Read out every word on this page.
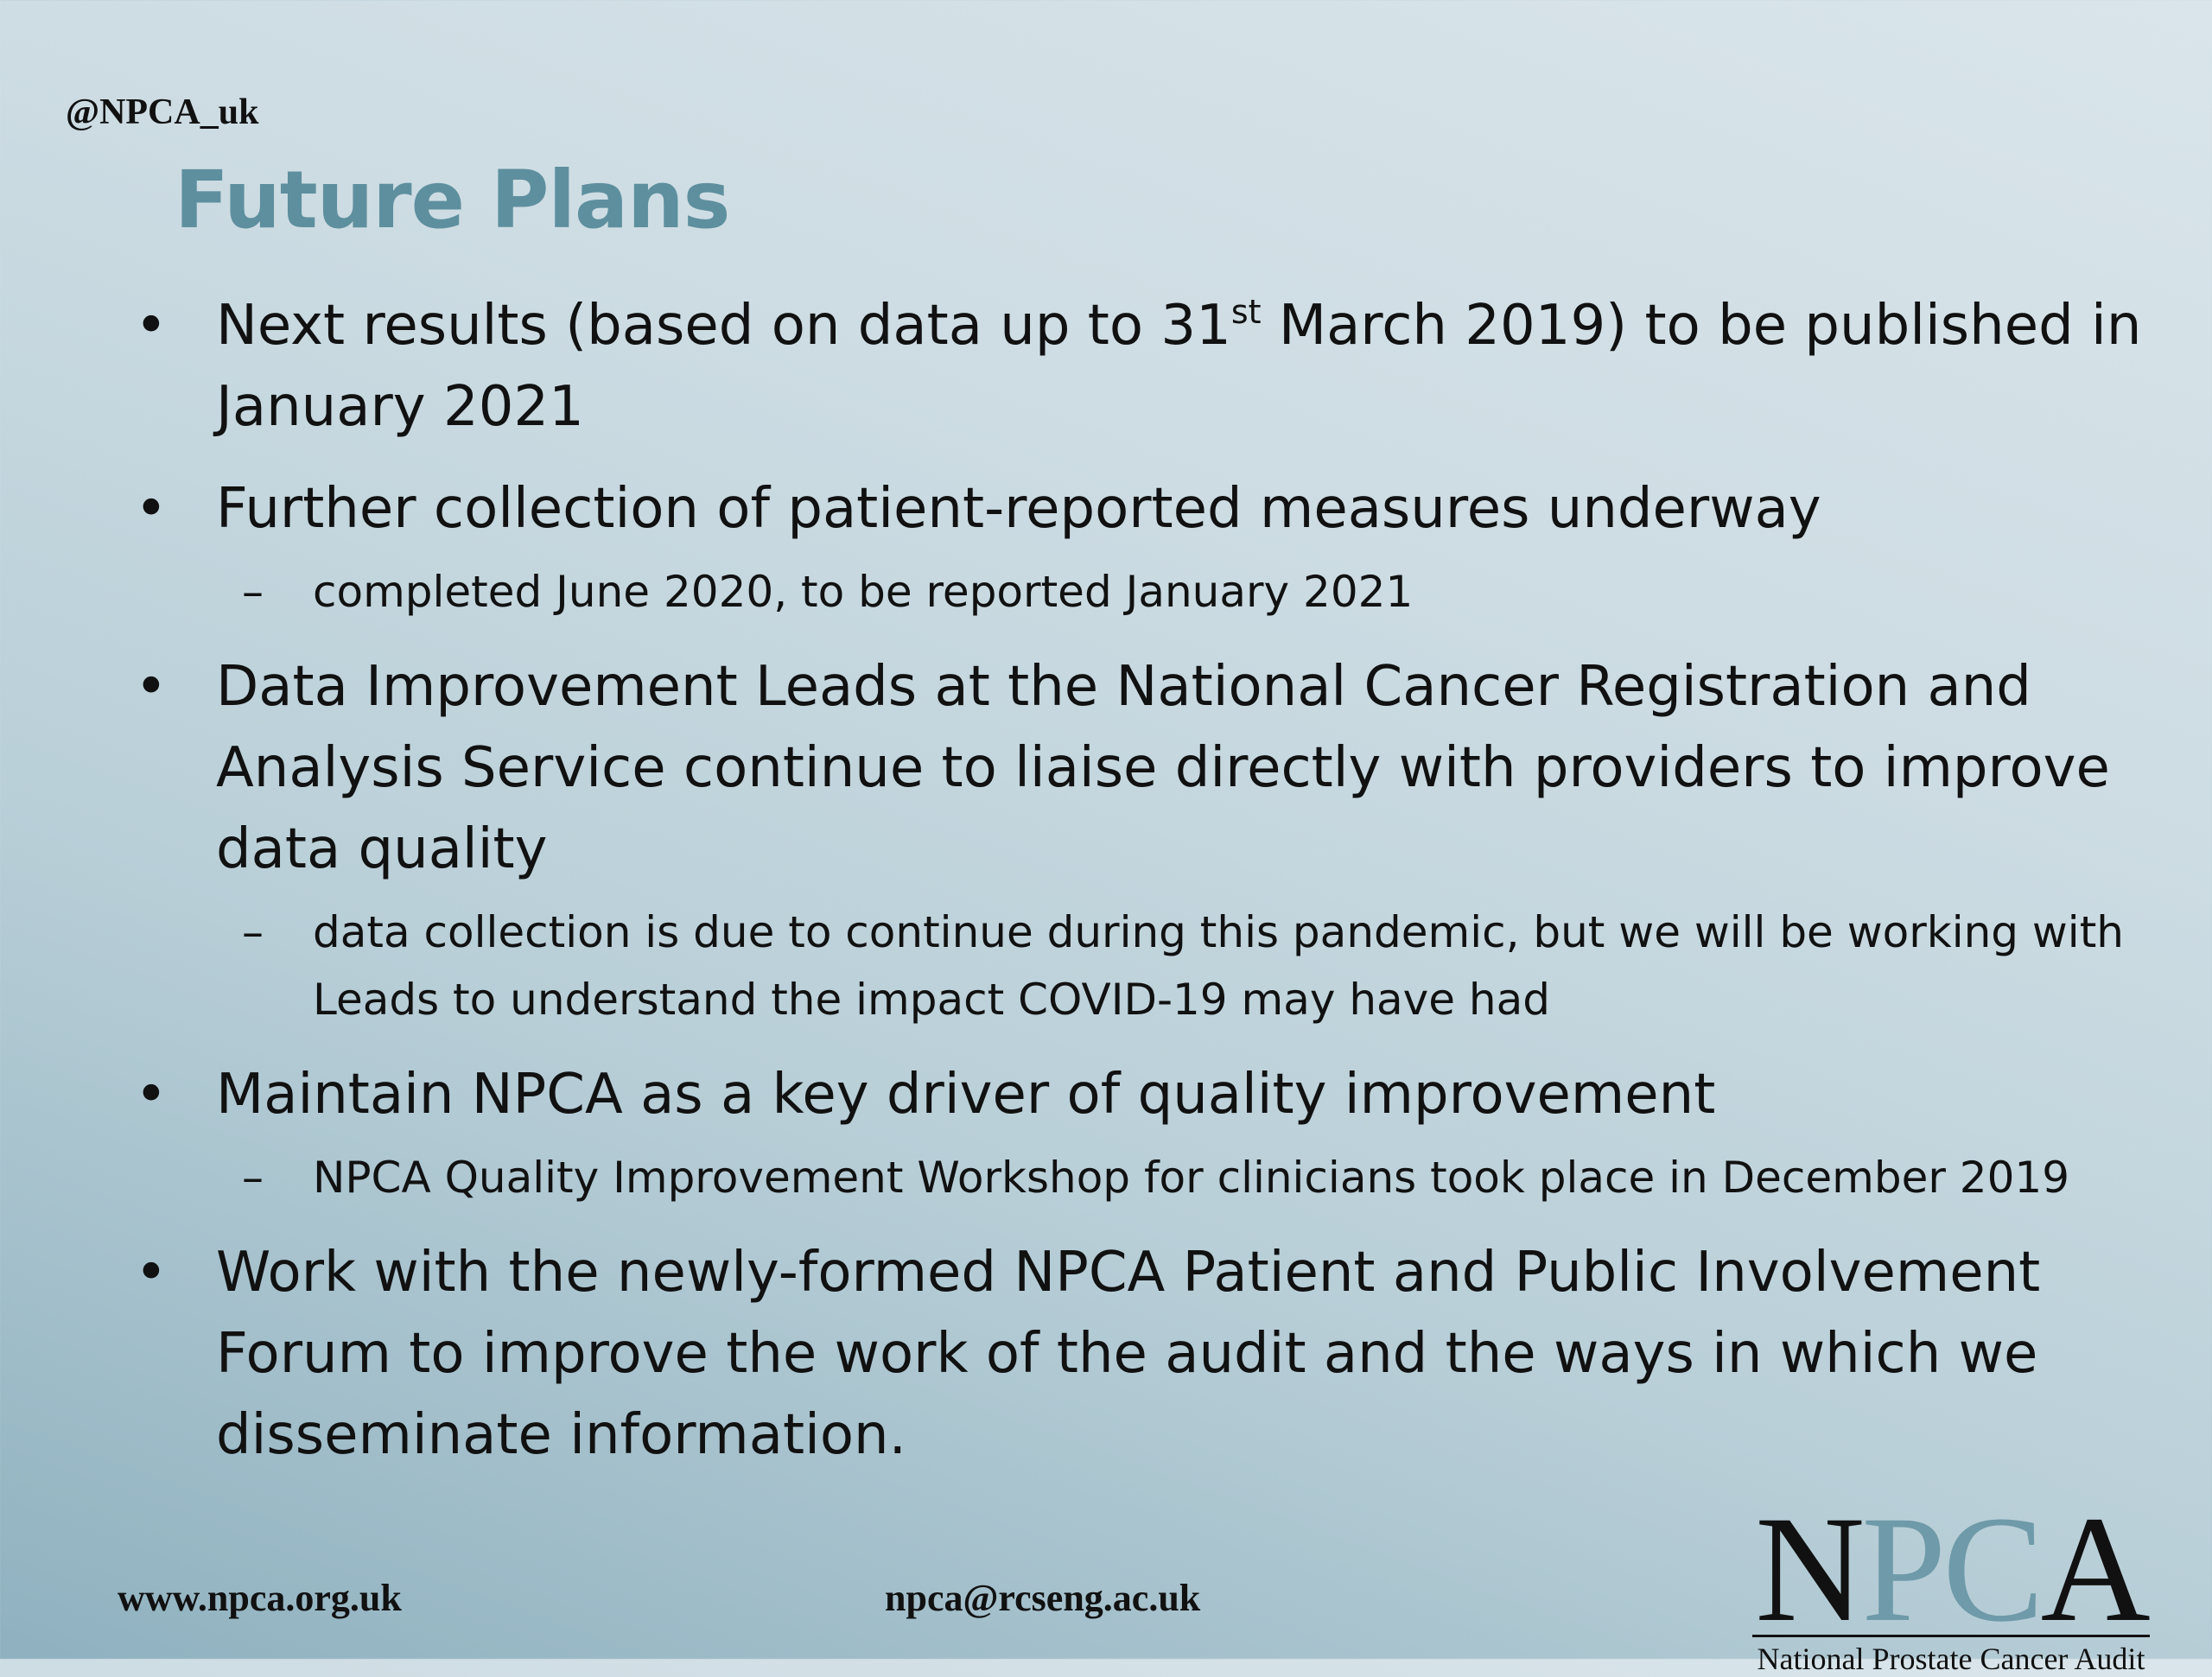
@NPCA_uk
Future Plans
• Next results (based on data up to 31st March 2019) to be published in January 2021
• Further collection of patient-reported measures underway
– completed June 2020, to be reported January 2021
• Data Improvement Leads at the National Cancer Registration and Analysis Service continue to liaise directly with providers to improve data quality
– data collection is due to continue during this pandemic, but we will be working with Leads to understand the impact COVID-19 may have had
• Maintain NPCA as a key driver of quality improvement
– NPCA Quality Improvement Workshop for clinicians took place in December 2019
• Work with the newly-formed NPCA Patient and Public Involvement Forum to improve the work of the audit and the ways in which we disseminate information.
www.npca.org.uk	npca@rcseng.ac.uk	NPCA
National Prostate Cancer Audit
